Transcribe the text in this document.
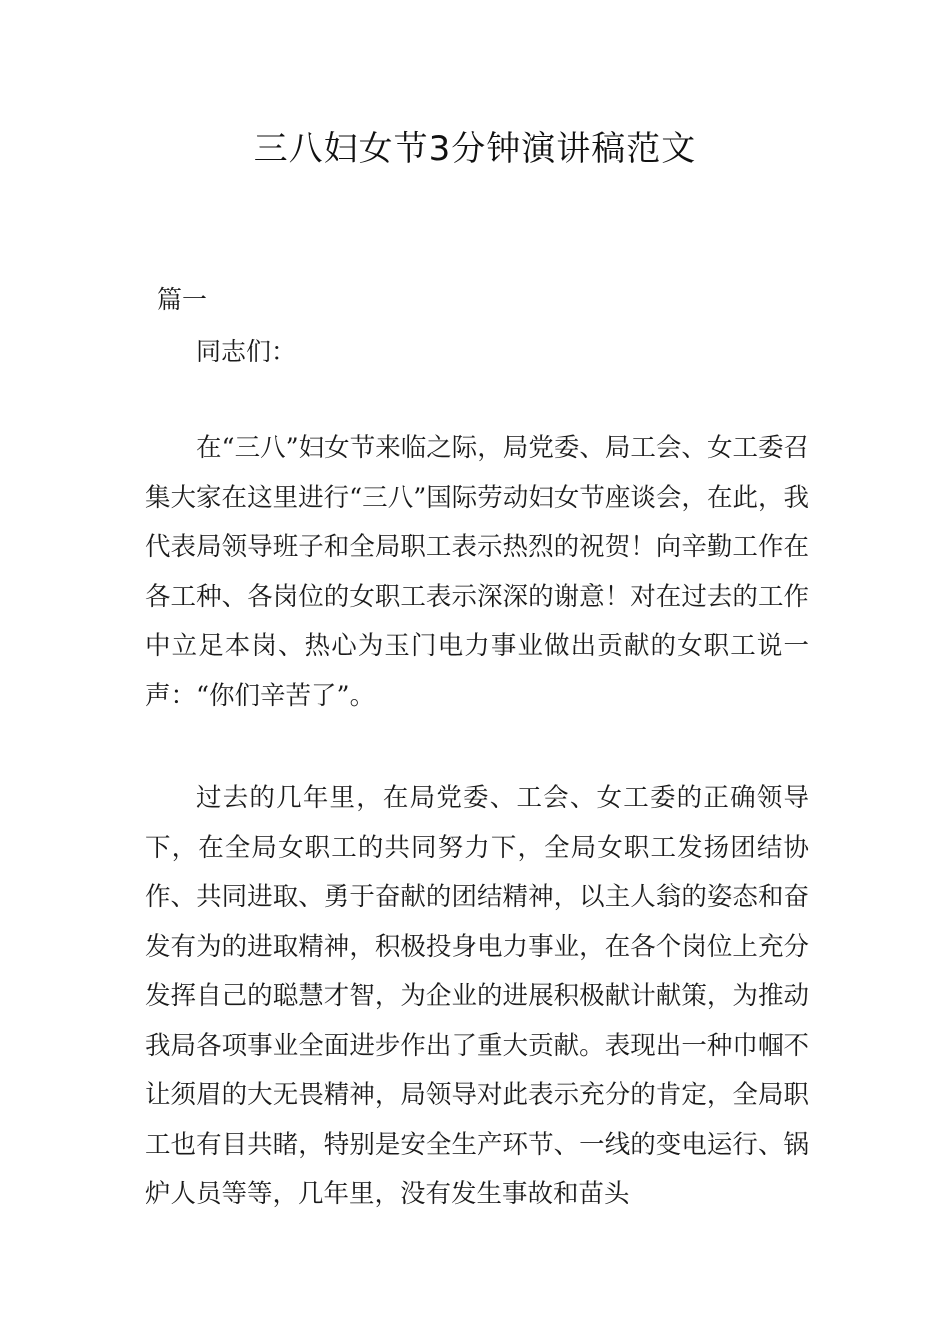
三八妇女节3分钟演讲稿范文
篇一
同志们：

在“三八”妇女节来临之际，局党委、局工会、女工委召集大家在这里进行“三八”国际劳动妇女节座谈会，在此，我代表局领导班子和全局职工表示热烈的祝贺！向辛勤工作在各工种、各岗位的女职工表示深深的谢意！对在过去的工作中立足本岗、热心为玉门电力事业做出贡献的女职工说一声：“你们辛苦了”。

过去的几年里，在局党委、工会、女工委的正确领导下，在全局女职工的共同努力下，全局女职工发扬团结协作、共同进取、勇于奋献的团结精神，以主人翁的姿态和奋发有为的进取精神，积极投身电力事业，在各个岗位上充分发挥自己的聪慧才智，为企业的进展积极献计献策，为推动我局各项事业全面进步作出了重大贡献。表现出一种巾帼不让须眉的大无畏精神，局领导对此表示充分的肯定，全局职工也有目共睹，特别是安全生产环节、一线的变电运行、锅炉人员等等，几年里，没有发生事故和苗头
